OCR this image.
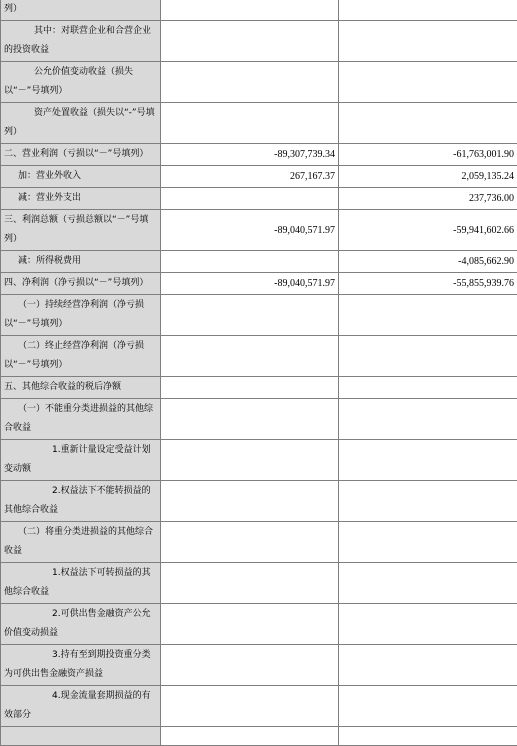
列）		
其中：对联营企业和合营企业的投资收益		
公允价值变动收益（损失以“－”号填列）		
资产处置收益（损失以“-”号填列）		
二、营业利润（亏损以“－”号填列）	-89,307,739.34	-61,763,001.90
加：营业外收入	267,167.37	2,059,135.24
减：营业外支出		237,736.00
三、利润总额（亏损总额以“－”号填列）	-89,040,571.97	-59,941,602.66
减：所得税费用		-4,085,662.90
四、净利润（净亏损以“－”号填列）	-89,040,571.97	-55,855,939.76
（一）持续经营净利润（净亏损以“－”号填列）		
（二）终止经营净利润（净亏损以“－”号填列）		
五、其他综合收益的税后净额		
（一）不能重分类进损益的其他综合收益		
1.重新计量设定受益计划变动额		
2.权益法下不能转损益的其他综合收益		
（二）将重分类进损益的其他综合收益		
1.权益法下可转损益的其他综合收益		
2.可供出售金融资产公允价值变动损益		
3.持有至到期投资重分类为可供出售金融资产损益		
4.现金流量套期损益的有效部分		
